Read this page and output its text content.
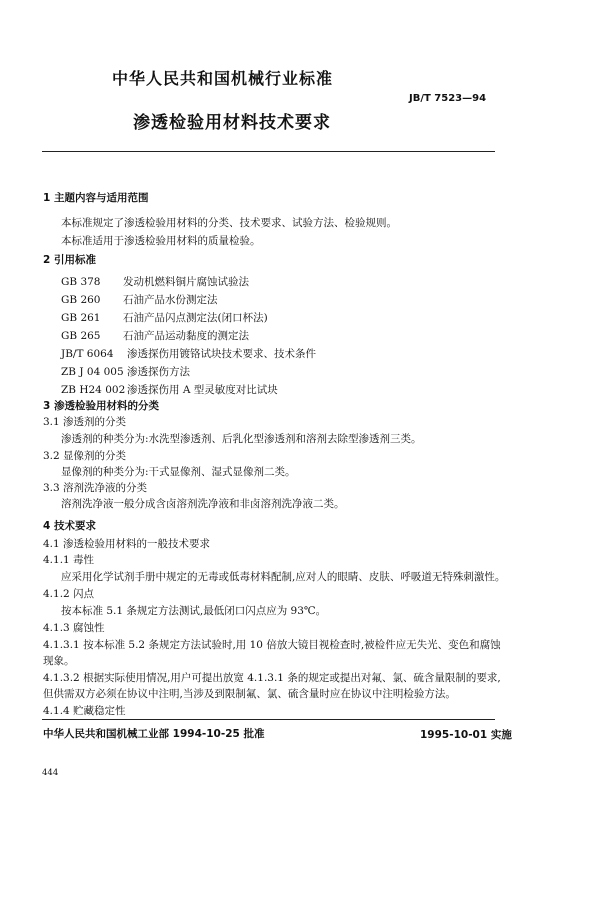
中华人民共和国机械行业标准
JB/T 7523—94
渗透检验用材料技术要求
1 主题内容与适用范围
本标准规定了渗透检验用材料的分类、技术要求、试验方法、检验规则。
本标准适用于渗透检验用材料的质量检验。
2 引用标准
GB 378 发动机燃料铜片腐蚀试验法
GB 260 石油产品水份测定法
GB 261 石油产品闪点测定法(闭口杯法)
GB 265 石油产品运动黏度的测定法
JB/T 6064 渗透探伤用镀铬试块技术要求、技术条件
ZB J 04 005 渗透探伤方法
ZB H24 002 渗透探伤用 A 型灵敏度对比试块
3 渗透检验用材料的分类
3.1 渗透剂的分类
渗透剂的种类分为:水洗型渗透剂、后乳化型渗透剂和溶剂去除型渗透剂三类。
3.2 显像剂的分类
显像剂的种类分为:干式显像剂、湿式显像剂二类。
3.3 溶剂洗净液的分类
溶剂洗净液一般分成含卤溶剂洗净液和非卤溶剂洗净液二类。
4 技术要求
4.1 渗透检验用材料的一般技术要求
4.1.1 毒性
应采用化学试剂手册中规定的无毒或低毒材料配制,应对人的眼睛、皮肤、呼吸道无特殊刺激性。
4.1.2 闪点
按本标准 5.1 条规定方法测试,最低闭口闪点应为 93℃。
4.1.3 腐蚀性
4.1.3.1 按本标准 5.2 条规定方法试验时,用 10 倍放大镜目视检查时,被检件应无失光、变色和腐蚀
现象。
4.1.3.2 根据实际使用情况,用户可提出放宽 4.1.3.1 条的规定或提出对氟、氯、硫含量限制的要求,
但供需双方必须在协议中注明,当涉及到限制氟、氯、硫含量时应在协议中注明检验方法。
4.1.4 贮藏稳定性
中华人民共和国机械工业部 1994-10-25 批准	1995-10-01 实施
444
